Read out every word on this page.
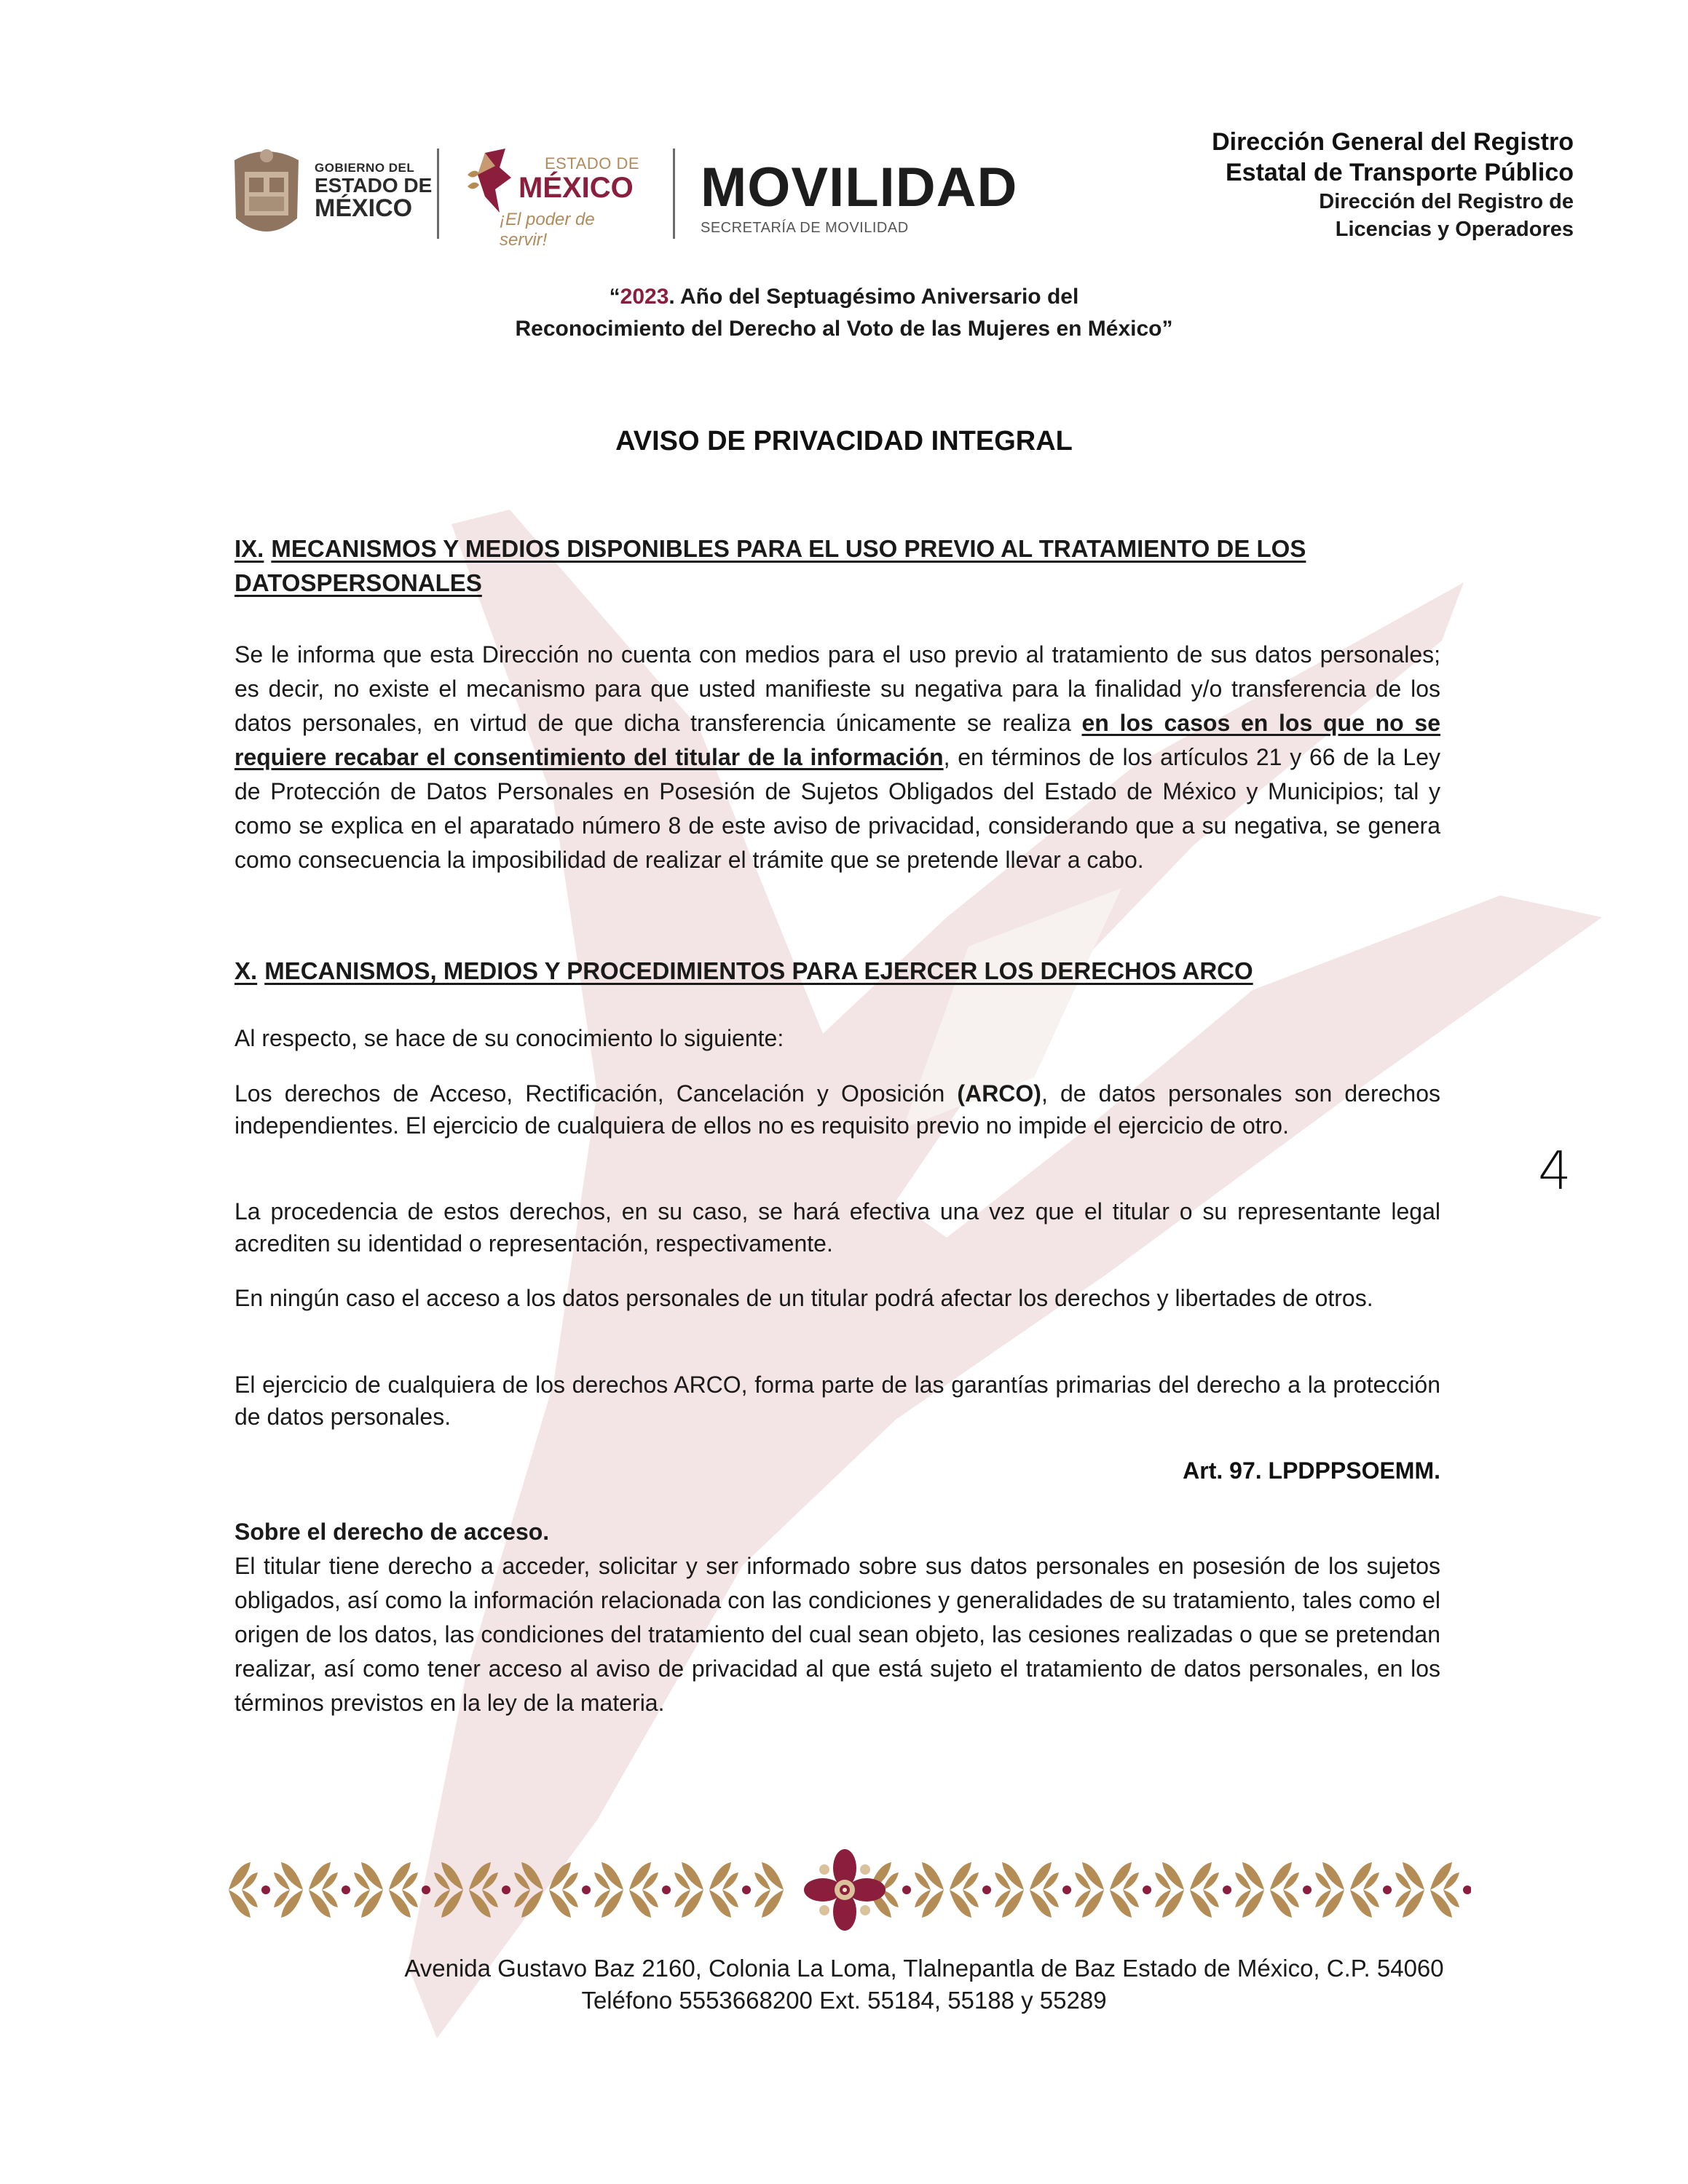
GOBIERNO DEL
ESTADO DE
MÉXICO
ESTADO DE
MÉXICO
¡El poder de servir!
MOVILIDAD
SECRETARÍA DE MOVILIDAD
Dirección General del Registro
Estatal de Transporte Público
Dirección del Registro de
Licencias y Operadores
“2023. Año del Septuagésimo Aniversario del
Reconocimiento del Derecho al Voto de las Mujeres en México”
AVISO DE PRIVACIDAD INTEGRAL
IX. MECANISMOS Y MEDIOS DISPONIBLES PARA EL USO PREVIO AL TRATAMIENTO DE LOS DATOSPERSONALES
Se le informa que esta Dirección no cuenta con medios para el uso previo al tratamiento de sus datos personales; es decir, no existe el mecanismo para que usted manifieste su negativa para la finalidad y/o transferencia de los datos personales, en virtud de que dicha transferencia únicamente se realiza en los casos en los que no se requiere recabar el consentimiento del titular de la información, en términos de los artículos 21 y 66 de la Ley de Protección de Datos Personales en Posesión de Sujetos Obligados del Estado de México y Municipios; tal y como se explica en el aparatado número 8 de este aviso de privacidad, considerando que a su negativa, se genera como consecuencia la imposibilidad de realizar el trámite que se pretende llevar a cabo.
X. MECANISMOS, MEDIOS Y PROCEDIMIENTOS PARA EJERCER LOS DERECHOS ARCO
Al respecto, se hace de su conocimiento lo siguiente:
Los derechos de Acceso, Rectificación, Cancelación y Oposición (ARCO), de datos personales son derechos independientes. El ejercicio de cualquiera de ellos no es requisito previo no impide el ejercicio de otro.
La procedencia de estos derechos, en su caso, se hará efectiva una vez que el titular o su representante legal acrediten su identidad o representación, respectivamente.
En ningún caso el acceso a los datos personales de un titular podrá afectar los derechos y libertades de otros.
El ejercicio de cualquiera de los derechos ARCO, forma parte de las garantías primarias del derecho a la protección de datos personales.
Art. 97. LPDPPSOEMM.
Sobre el derecho de acceso.
El titular tiene derecho a acceder, solicitar y ser informado sobre sus datos personales en posesión de los sujetos obligados, así como la información relacionada con las condiciones y generalidades de su tratamiento, tales como el origen de los datos, las condiciones del tratamiento del cual sean objeto, las cesiones realizadas o que se pretendan realizar, así como tener acceso al aviso de privacidad al que está sujeto el tratamiento de datos personales, en los términos previstos en la ley de la materia.
4
Avenida Gustavo Baz 2160, Colonia La Loma, Tlalnepantla de Baz Estado de México, C.P. 54060
Teléfono 5553668200 Ext. 55184, 55188 y 55289
